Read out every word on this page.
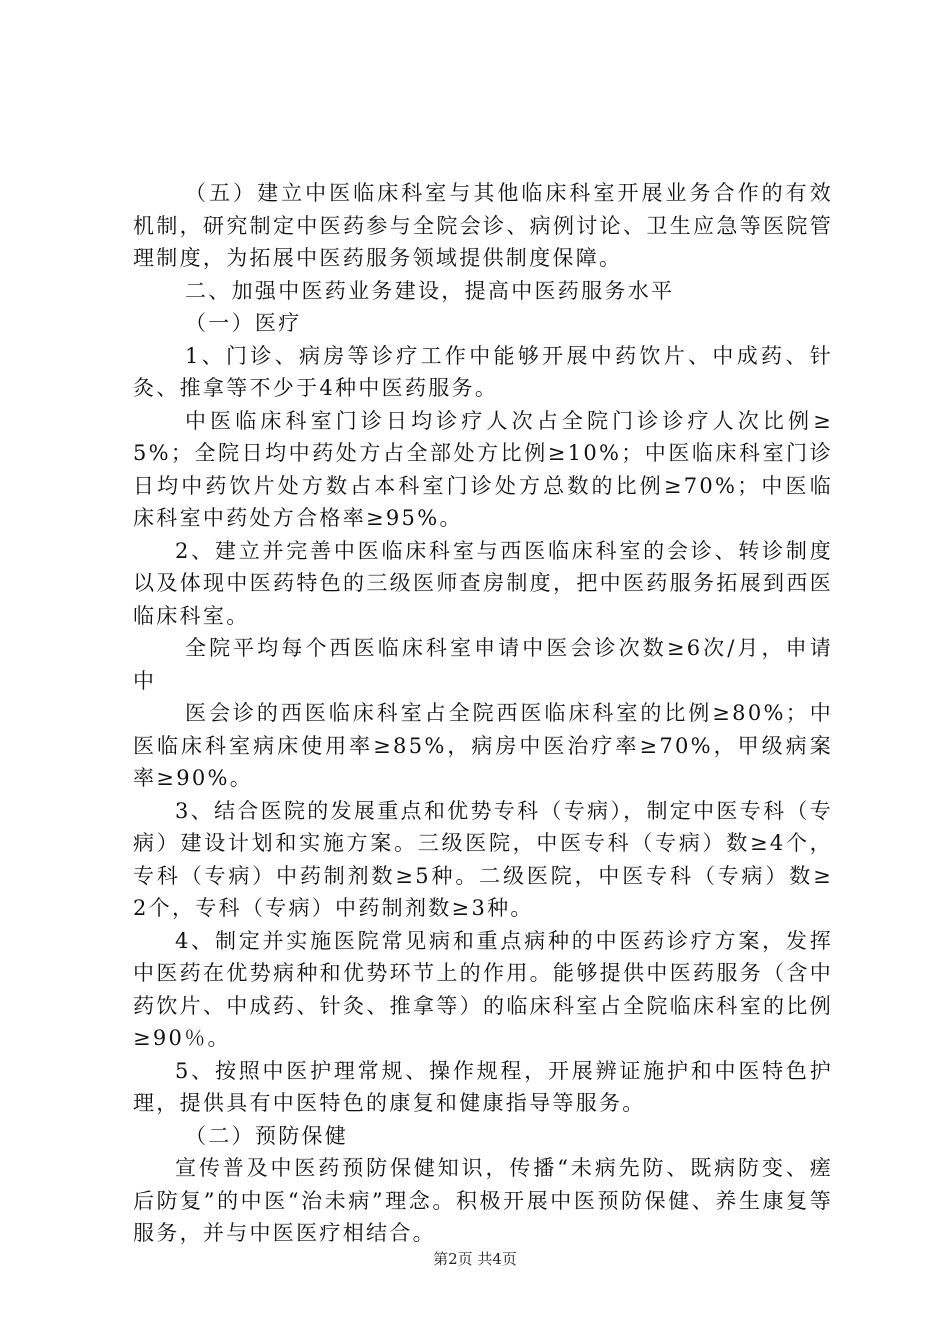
（五）建立中医临床科室与其他临床科室开展业务合作的有效机制，研究制定中医药参与全院会诊、病例讨论、卫生应急等医院管理制度，为拓展中医药服务领域提供制度保障。

二、加强中医药业务建设，提高中医药服务水平

（一）医疗

1、门诊、病房等诊疗工作中能够开展中药饮片、中成药、针灸、推拿等不少于4种中医药服务。

中医临床科室门诊日均诊疗人次占全院门诊诊疗人次比例≥5%；全院日均中药处方占全部处方比例≥10%；中医临床科室门诊日均中药饮片处方数占本科室门诊处方总数的比例≥70%；中医临床科室中药处方合格率≥95%。

2、建立并完善中医临床科室与西医临床科室的会诊、转诊制度以及体现中医药特色的三级医师查房制度，把中医药服务拓展到西医临床科室。

全院平均每个西医临床科室申请中医会诊次数≥6次/月，申请中

医会诊的西医临床科室占全院西医临床科室的比例≥80%；中医临床科室病床使用率≥85%，病房中医治疗率≥70%，甲级病案率≥90%。

3、结合医院的发展重点和优势专科（专病），制定中医专科（专病）建设计划和实施方案。三级医院，中医专科（专病）数≥4个，专科（专病）中药制剂数≥5种。二级医院，中医专科（专病）数≥2个，专科（专病）中药制剂数≥3种。

4、制定并实施医院常见病和重点病种的中医药诊疗方案，发挥中医药在优势病种和优势环节上的作用。能够提供中医药服务（含中药饮片、中成药、针灸、推拿等）的临床科室占全院临床科室的比例≥90％。

5、按照中医护理常规、操作规程，开展辨证施护和中医特色护理，提供具有中医特色的康复和健康指导等服务。

（二）预防保健

宣传普及中医药预防保健知识，传播“未病先防、既病防变、瘥后防复”的中医“治未病”理念。积极开展中医预防保健、养生康复等服务，并与中医医疗相结合。

第2页 共4页
